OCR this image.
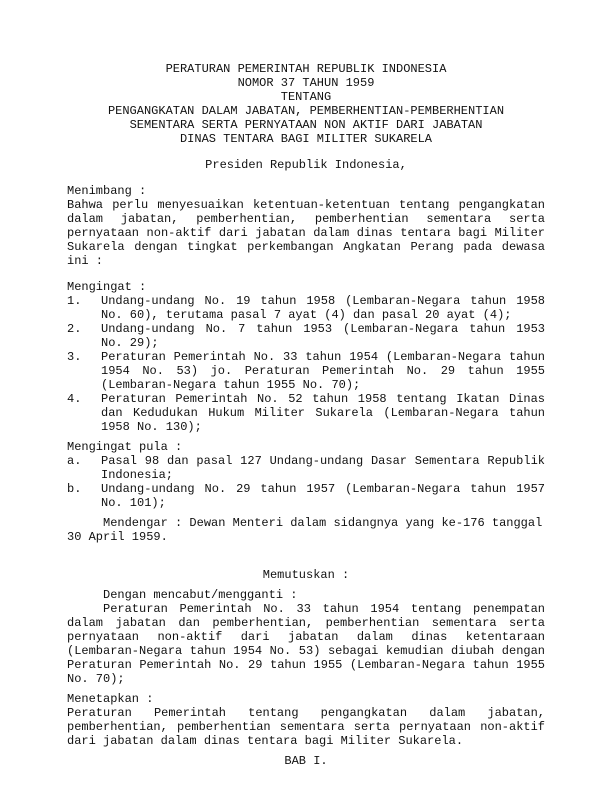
PERATURAN PEMERINTAH REPUBLIK INDONESIA
NOMOR 37 TAHUN 1959
TENTANG
PENGANGKATAN DALAM JABATAN, PEMBERHENTIAN-PEMBERHENTIAN
SEMENTARA SERTA PERNYATAAN NON AKTIF DARI JABATAN
DINAS TENTARA BAGI MILITER SUKARELA
Presiden Republik Indonesia,
Menimbang :
Bahwa perlu menyesuaikan ketentuan-ketentuan tentang pengangkatan
dalam jabatan, pemberhentian, pemberhentian sementara serta
pernyataan non-aktif dari jabatan dalam dinas tentara bagi Militer
Sukarela dengan tingkat perkembangan Angkatan Perang pada dewasa
ini :
Mengingat :
1.	Undang-undang No. 19 tahun 1958 (Lembaran-Negara tahun 1958
No. 60), terutama pasal 7 ayat (4) dan pasal 20 ayat (4);
2.	Undang-undang No. 7 tahun 1953 (Lembaran-Negara tahun 1953
No. 29);
3.	Peraturan Pemerintah No. 33 tahun 1954 (Lembaran-Negara tahun
1954 No. 53) jo. Peraturan Pemerintah No. 29 tahun 1955
(Lembaran-Negara tahun 1955 No. 70);
4.	Peraturan Pemerintah No. 52 tahun 1958 tentang Ikatan Dinas
dan Kedudukan Hukum Militer Sukarela (Lembaran-Negara tahun
1958 No. 130);
Mengingat pula :
a.	Pasal 98 dan pasal 127 Undang-undang Dasar Sementara Republik
Indonesia;
b.	Undang-undang No. 29 tahun 1957 (Lembaran-Negara tahun 1957
No. 101);
Mendengar : Dewan Menteri dalam sidangnya yang ke-176 tanggal
30 April 1959.
Memutuskan :
Dengan mencabut/mengganti :
Peraturan Pemerintah No. 33 tahun 1954 tentang penempatan
dalam jabatan dan pemberhentian, pemberhentian sementara serta
pernyataan non-aktif dari jabatan dalam dinas ketentaraan
(Lembaran-Negara tahun 1954 No. 53) sebagai kemudian diubah dengan
Peraturan Pemerintah No. 29 tahun 1955 (Lembaran-Negara tahun 1955
No. 70);
Menetapkan :
Peraturan Pemerintah tentang pengangkatan dalam jabatan,
pemberhentian, pemberhentian sementara serta pernyataan non-aktif
dari jabatan dalam dinas tentara bagi Militer Sukarela.
BAB I.
